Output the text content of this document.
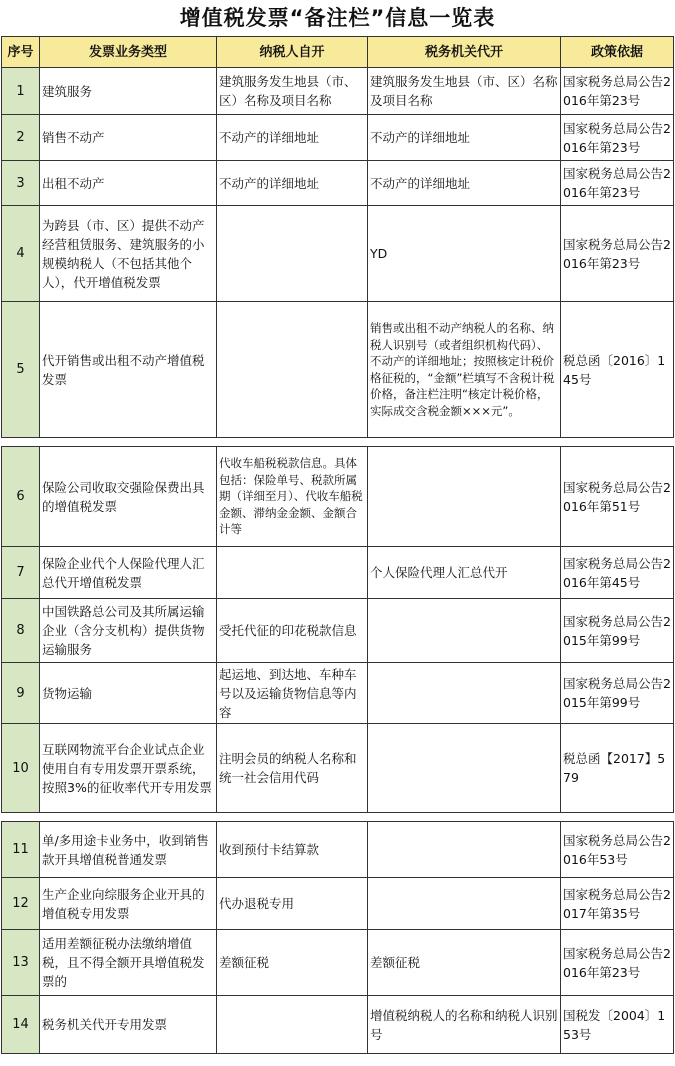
增值税发票“备注栏”信息一览表
序号	发票业务类型	纳税人自开	税务机关代开	政策依据
1	建筑服务	建筑服务发生地县（市、区）名称及项目名称	建筑服务发生地县（市、区）名称及项目名称	国家税务总局公告2016年第23号
2	销售不动产	不动产的详细地址	不动产的详细地址	国家税务总局公告2016年第23号
3	出租不动产	不动产的详细地址	不动产的详细地址	国家税务总局公告2016年第23号
4	为跨县（市、区）提供不动产经营租赁服务、建筑服务的小规模纳税人（不包括其他个人），代开增值税发票		YD	国家税务总局公告2016年第23号
5	代开销售或出租不动产增值税发票		销售或出租不动产纳税人的名称、纳税人识别号（或者组织机构代码）、不动产的详细地址；按照核定计税价格征税的，“金额”栏填写不含税计税价格，备注栏注明“核定计税价格，实际成交含税金额×××元”。	税总函〔2016〕145号
6	保险公司收取交强险保费出具的增值税发票	代收车船税税款信息。具体包括：保险单号、税款所属期（详细至月）、代收车船税金额、滞纳金金额、金额合计等		国家税务总局公告2016年第51号
7	保险企业代个人保险代理人汇总代开增值税发票		个人保险代理人汇总代开	国家税务总局公告2016年第45号
8	中国铁路总公司及其所属运输企业（含分支机构）提供货物运输服务	受托代征的印花税款信息		国家税务总局公告2015年第99号
9	货物运输	起运地、到达地、车种车号以及运输货物信息等内容		国家税务总局公告2015年第99号
10	互联网物流平台企业试点企业使用自有专用发票开票系统，按照3%的征收率代开专用发票	注明会员的纳税人名称和统一社会信用代码		税总函【2017】579
11	单/多用途卡业务中，收到销售款开具增值税普通发票	收到预付卡结算款		国家税务总局公告2016年53号
12	生产企业向综服务企业开具的增值税专用发票	代办退税专用		国家税务总局公告2017年第35号
13	适用差额征税办法缴纳增值税，且不得全额开具增值税发票的	差额征税	差额征税	国家税务总局公告2016年第23号
14	税务机关代开专用发票		增值税纳税人的名称和纳税人识别号	国税发〔2004〕153号
